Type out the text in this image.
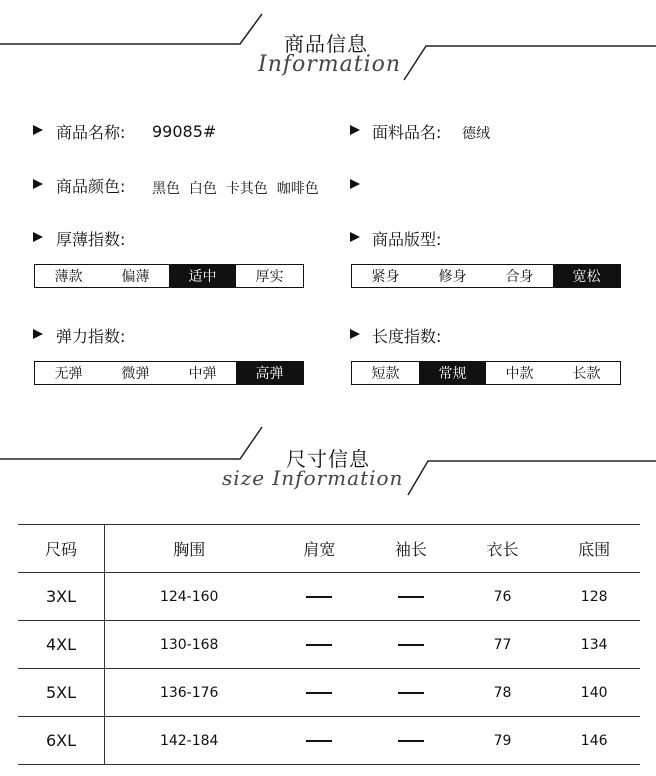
商品信息
Information
商品名称: 99085#	面料品名: 德绒
商品颜色: 黑色  白色  卡其色  咖啡色
厚薄指数:	商品版型:
薄款	偏薄	适中	厚实	紧身	修身	合身	宽松
弹力指数:	长度指数:
无弹	微弹	中弹	高弹	短款	常规	中款	长款
尺寸信息
size Information
尺码	胸围	肩宽	袖长	衣长	底围
3XL	124-160			76	128
4XL	130-168			77	134
5XL	136-176			78	140
6XL	142-184			79	146
